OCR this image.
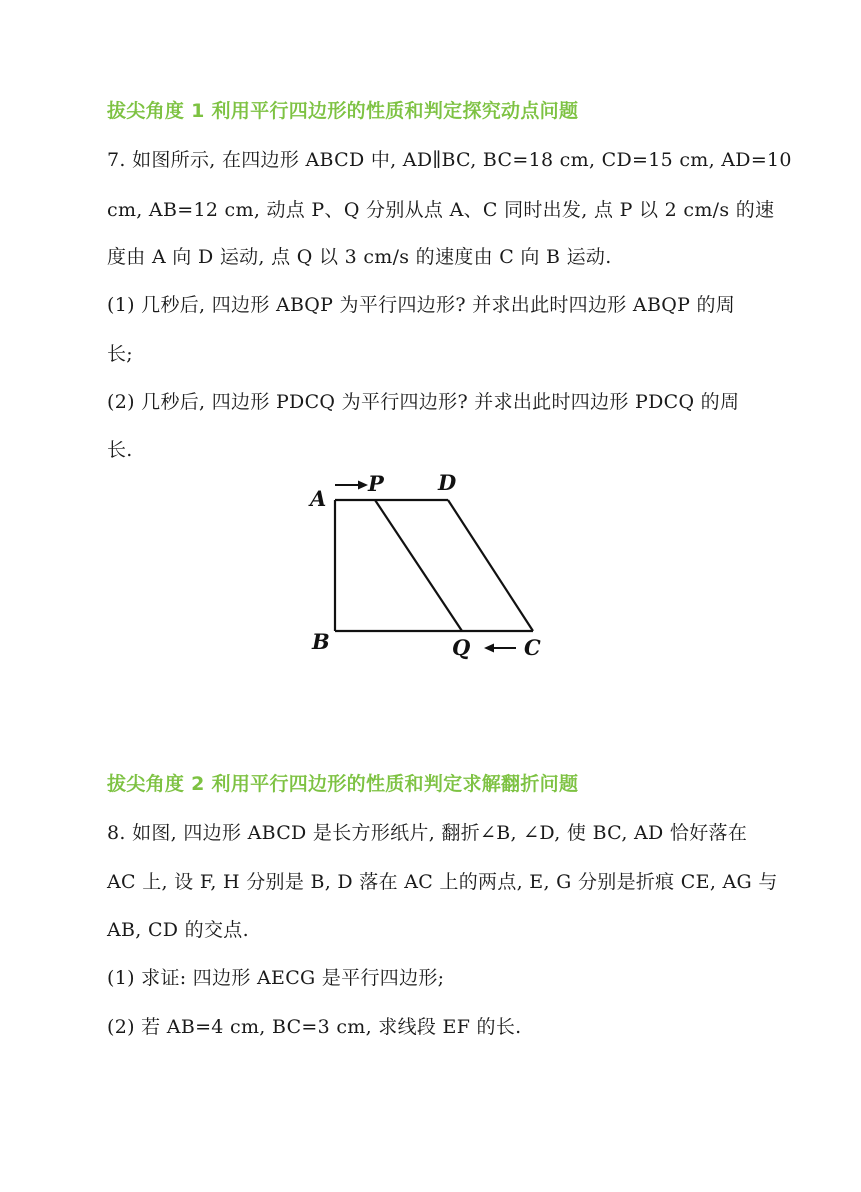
拔尖角度 1 利用平行四边形的性质和判定探究动点问题
7. 如图所示, 在四边形 ABCD 中, AD∥BC, BC=18 cm, CD=15 cm, AD=10
cm, AB=12 cm, 动点 P、Q 分别从点 A、C 同时出发, 点 P 以 2 cm/s 的速
度由 A 向 D 运动, 点 Q 以 3 cm/s 的速度由 C 向 B 运动.
(1) 几秒后, 四边形 ABQP 为平行四边形? 并求出此时四边形 ABQP 的周
长;
(2) 几秒后, 四边形 PDCQ 为平行四边形? 并求出此时四边形 PDCQ 的周
长.
A
P	D
B	Q	C
拔尖角度 2 利用平行四边形的性质和判定求解翻折问题
8. 如图, 四边形 ABCD 是长方形纸片, 翻折∠B, ∠D, 使 BC, AD 恰好落在
AC 上, 设 F, H 分别是 B, D 落在 AC 上的两点, E, G 分别是折痕 CE, AG 与
AB, CD 的交点.
(1) 求证: 四边形 AECG 是平行四边形;
(2) 若 AB=4 cm, BC=3 cm, 求线段 EF 的长.
